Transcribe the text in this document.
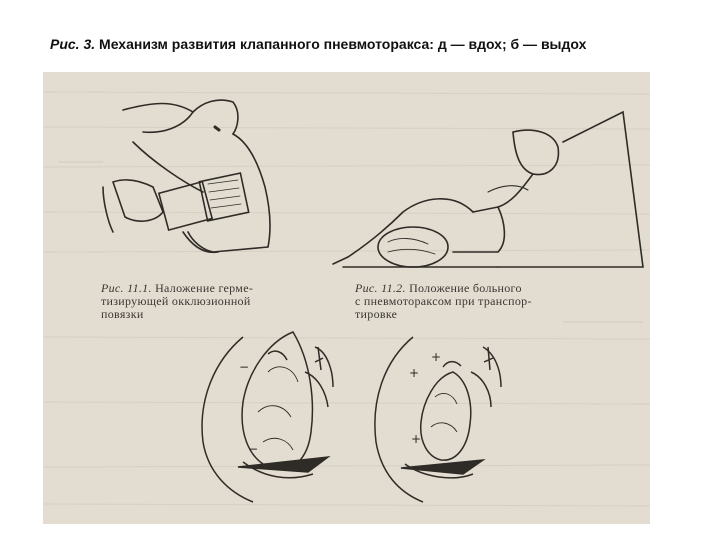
Рис. 3. Механизм развития клапанного пневмоторакса: д — вдох; б — выдох
Рис. 11.1. Наложение герме-
тизирующей окклюзионной
повязки
Рис. 11.2. Положение больного
с пневмотораксом при транспор-
тировке
−
−
+
+
+
